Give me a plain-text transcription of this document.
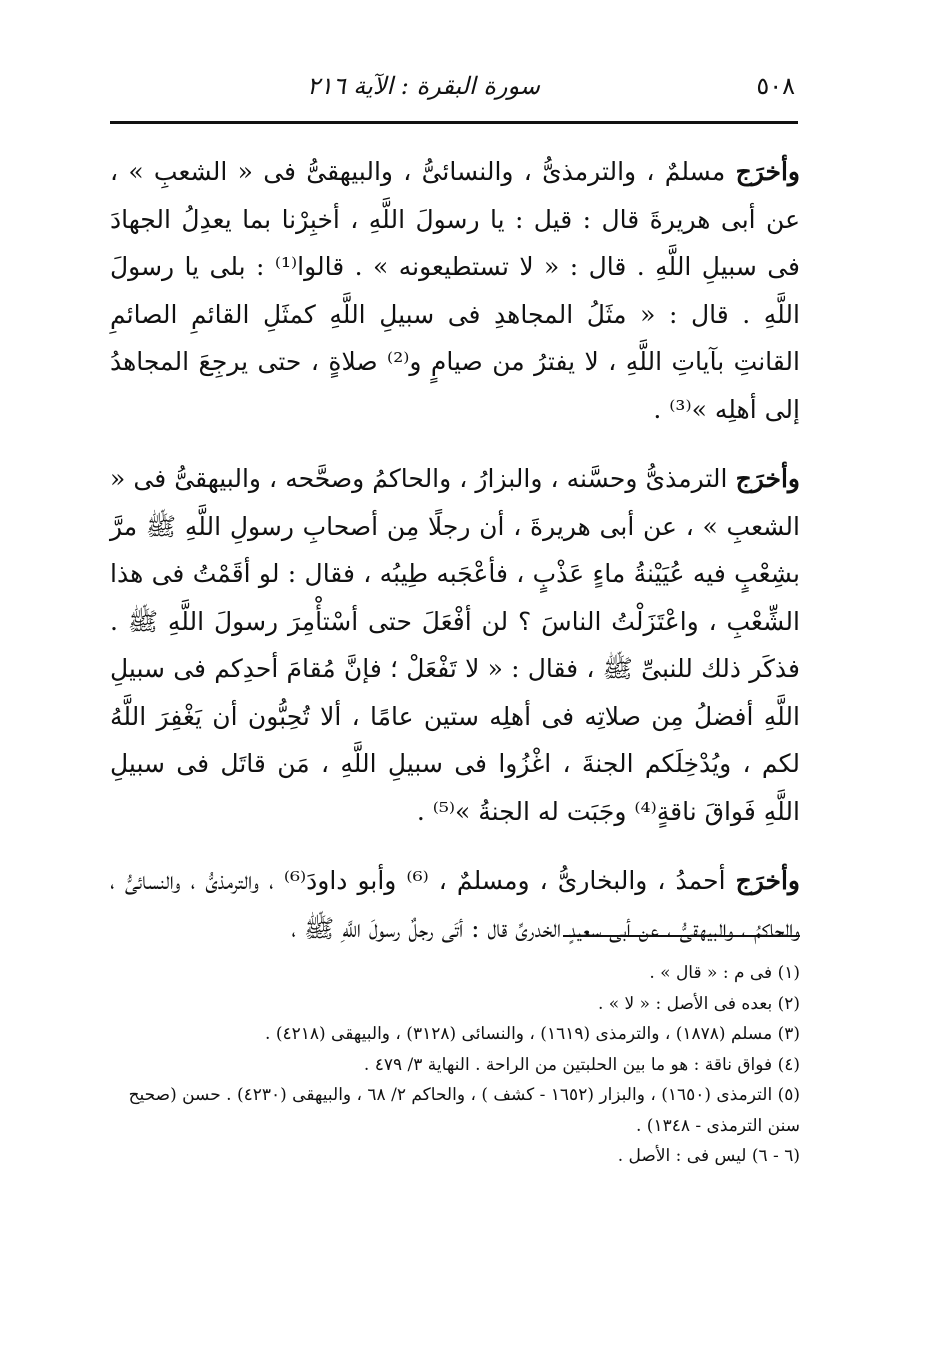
٥٠٨
سورة البقرة : الآية ٢١٦

وأخرَج مسلمٌ ، والترمذىُّ ، والنسائىُّ ، والبيهقىُّ فى « الشعبِ » ، عن أبى هريرةَ قال : قيل : يا رسولَ اللَّهِ ، أخبِرْنا بما يعدِلُ الجهادَ فى سبيلِ اللَّهِ . قال : « لا تستطيعونه » . قالوا⁽¹⁾ : بلى يا رسولَ اللَّهِ . قال : « مثَلُ المجاهدِ فى سبيلِ اللَّهِ كمثَلِ القائمِ الصائمِ القانتِ بآياتِ اللَّهِ ، لا يفترُ من صيامٍ و⁽²⁾ صلاةٍ ، حتى يرجِعَ المجاهدُ إلى أهلِه »⁽³⁾ .

وأخرَج الترمذىُّ وحسَّنه ، والبزارُ ، والحاكمُ وصحَّحه ، والبيهقىُّ فى « الشعبِ » ، عن أبى هريرةَ ، أن رجلًا مِن أصحابِ رسولِ اللَّهِ ﷺ مرَّ بشِعْبٍ فيه عُيَيْنةُ ماءٍ عَذْبٍ ، فأعْجَبه طِيبُه ، فقال : لو أقَمْتُ فى هذا الشِّعْبِ ، واعْتَزَلْتُ الناسَ ؟ لن أفْعَلَ حتى أسْتأْمِرَ رسولَ اللَّهِ ﷺ . فذكَر ذلك للنبىِّ ﷺ ، فقال : « لا تَفْعَلْ ؛ فإنَّ مُقامَ أحدِكم فى سبيلِ اللَّهِ أفضلُ مِن صلاتِه فى أهلِه ستين عامًا ، ألا تُحِبُّون أن يَغْفِرَ اللَّهُ لكم ، ويُدْخِلَكم الجنةَ ، اغْزُوا فى سبيلِ اللَّهِ ، مَن قاتَل فى سبيلِ اللَّهِ فَواقَ ناقةٍ⁽⁴⁾ وجَبَت له الجنةُ »⁽⁵⁾ .

وأخرَج أحمدُ ، والبخارىُّ ، ومسلمٌ ، ⁽⁶⁾ وأبو داودَ⁽⁶⁾ ، والترمذىُّ ، والنسائىُّ ، والحاكمُ ، والبيهقىُّ ، عن أبى سعيدٍ الخدرىِّ قال : أتَى رجلٌ رسولَ اللَّهِ ﷺ ،

(١) فى م : « قال » .

(٢) بعده فى الأصل : « لا » .

(٣) مسلم (١٨٧٨) ، والترمذى (١٦١٩) ، والنسائى (٣١٢٨) ، والبيهقى (٤٢١٨) .

(٤) فواق ناقة : هو ما بين الحلبتين من الراحة . النهاية ٣/ ٤٧٩ .

(٥) الترمذى (١٦٥٠) ، والبزار (١٦٥٢ - كشف ) ، والحاكم ٢/ ٦٨ ، والبيهقى (٤٢٣٠) . حسن (صحيح سنن الترمذى - ١٣٤٨) .

(٦ - ٦) ليس فى : الأصل .
